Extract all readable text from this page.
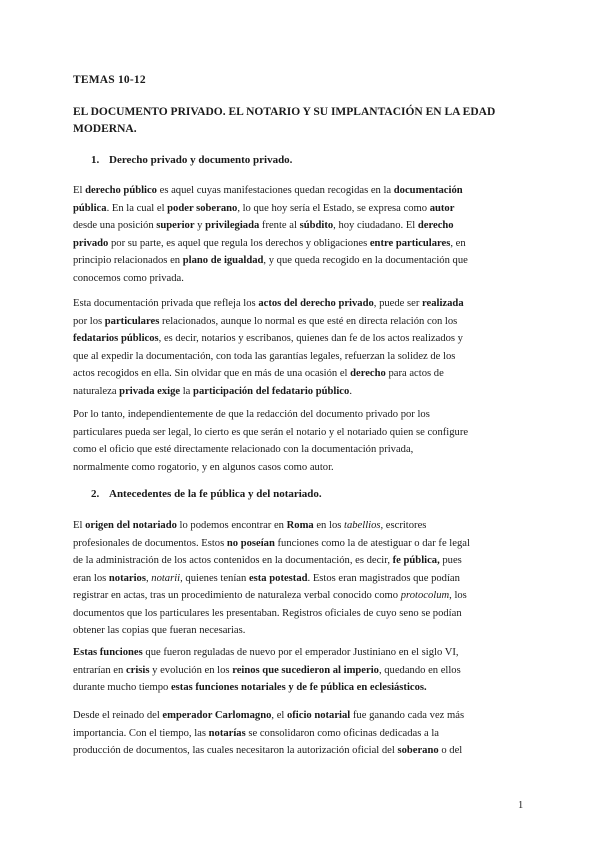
TEMAS 10-12
EL DOCUMENTO PRIVADO. EL NOTARIO Y SU IMPLANTACIÓN EN LA EDAD MODERNA.
1. Derecho privado y documento privado.
El derecho público es aquel cuyas manifestaciones quedan recogidas en la documentación
pública. En la cual el poder soberano, lo que hoy sería el Estado, se expresa como autor
desde una posición superior y privilegiada frente al súbdito, hoy ciudadano. El derecho
privado por su parte, es aquel que regula los derechos y obligaciones entre particulares, en
principio relacionados en plano de igualdad, y que queda recogido en la documentación que
conocemos como privada.
Esta documentación privada que refleja los actos del derecho privado, puede ser realizada
por los particulares relacionados, aunque lo normal es que esté en directa relación con los
fedatarios públicos, es decir, notarios y escribanos, quienes dan fe de los actos realizados y
que al expedir la documentación, con toda las garantías legales, refuerzan la solidez de los
actos recogidos en ella. Sin olvidar que en más de una ocasión el derecho para actos de
naturaleza privada exige la participación del fedatario público.
Por lo tanto, independientemente de que la redacción del documento privado por los
particulares pueda ser legal, lo cierto es que serán el notario y el notariado quien se configure
como el oficio que esté directamente relacionado con la documentación privada,
normalmente como rogatorio, y en algunos casos como autor.
2. Antecedentes de la fe pública y del notariado.
El origen del notariado lo podemos encontrar en Roma en los tabellios, escritores
profesionales de documentos. Estos no poseían funciones como la de atestiguar o dar fe legal
de la administración de los actos contenidos en la documentación, es decir, fe pública, pues
eran los notarios, notarii, quienes tenían esta potestad. Estos eran magistrados que podían
registrar en actas, tras un procedimiento de naturaleza verbal conocido como protocolum, los
documentos que los particulares les presentaban. Registros oficiales de cuyo seno se podían
obtener las copias que fueran necesarias.
Estas funciones que fueron reguladas de nuevo por el emperador Justiniano en el siglo VI,
entrarían en crisis y evolución en los reinos que sucedieron al imperio, quedando en ellos
durante mucho tiempo estas funciones notariales y de fe pública en eclesiásticos.
Desde el reinado del emperador Carlomagno, el oficio notarial fue ganando cada vez más
importancia. Con el tiempo, las notarías se consolidaron como oficinas dedicadas a la
producción de documentos, las cuales necesitaron la autorización oficial del soberano o del
1
